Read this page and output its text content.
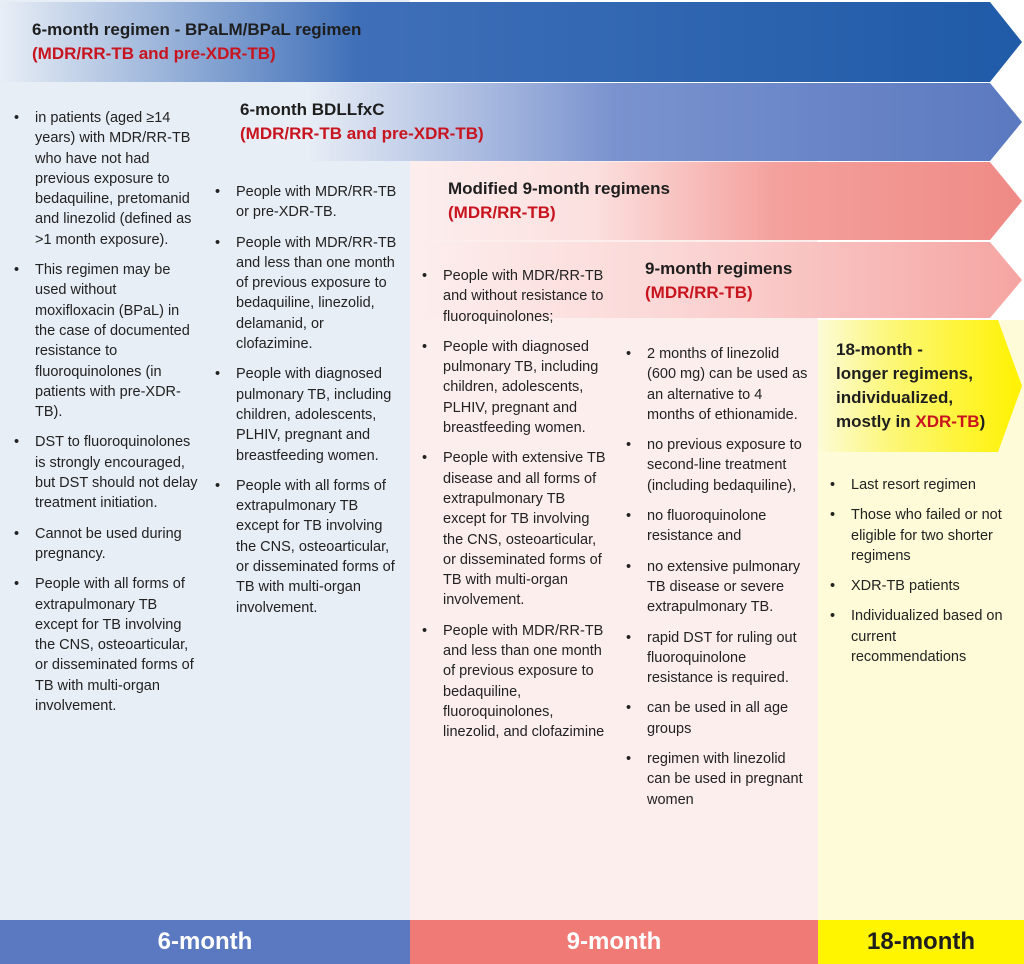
6-month regimen - BPaLM/BPaL regimen
(MDR/RR-TB and pre-XDR-TB)
6-month BDLLfxC
(MDR/RR-TB and pre-XDR-TB)
Modified 9-month regimens
(MDR/RR-TB)
9-month regimens
(MDR/RR-TB)
18-month -
longer regimens,
individualized,
mostly in XDR-TB)
•	in patients (aged ≥14 years) with MDR/RR-TB who have not had previous exposure to bedaquiline, pretomanid and linezolid (defined as >1 month exposure).
•	This regimen may be used without moxifloxacin (BPaL) in the case of documented resistance to fluoroquinolones (in patients with pre-XDR-TB).
•	DST to fluoroquinolones is strongly encouraged, but DST should not delay treatment initiation.
•	Cannot be used during pregnancy.
•	People with all forms of extrapulmonary TB except for TB involving the CNS, osteoarticular, or disseminated forms of TB with multi-organ involvement.
•	People with MDR/RR-TB or pre-XDR-TB.
•	People with MDR/RR-TB and less than one month of previous exposure to bedaquiline, linezolid, delamanid, or clofazimine.
•	People with diagnosed pulmonary TB, including children, adolescents, PLHIV, pregnant and breastfeeding women.
•	People with all forms of extrapulmonary TB except for TB involving the CNS, osteoarticular, or disseminated forms of TB with multi-organ involvement.
•	People with MDR/RR-TB and without resistance to fluoroquinolones;
•	People with diagnosed pulmonary TB, including children, adolescents, PLHIV, pregnant and breastfeeding women.
•	People with extensive TB disease and all forms of extrapulmonary TB except for TB involving the CNS, osteoarticular, or disseminated forms of TB with multi-organ involvement.
•	People with MDR/RR-TB and less than one month of previous exposure to bedaquiline, fluoroquinolones, linezolid, and clofazimine
•	2 months of linezolid (600 mg) can be used as an alternative to 4 months of ethionamide.
•	no previous exposure to second-line treatment (including bedaquiline),
•	no fluoroquinolone resistance and
•	no extensive pulmonary TB disease or severe extrapulmonary TB.
•	rapid DST for ruling out fluoroquinolone resistance is required.
•	can be used in all age groups
•	regimen with linezolid can be used in pregnant women
•	Last resort regimen
•	Those who failed or not eligible for two shorter regimens
•	XDR-TB patients
•	Individualized based on current recommendations
6-month	9-month	18-month
